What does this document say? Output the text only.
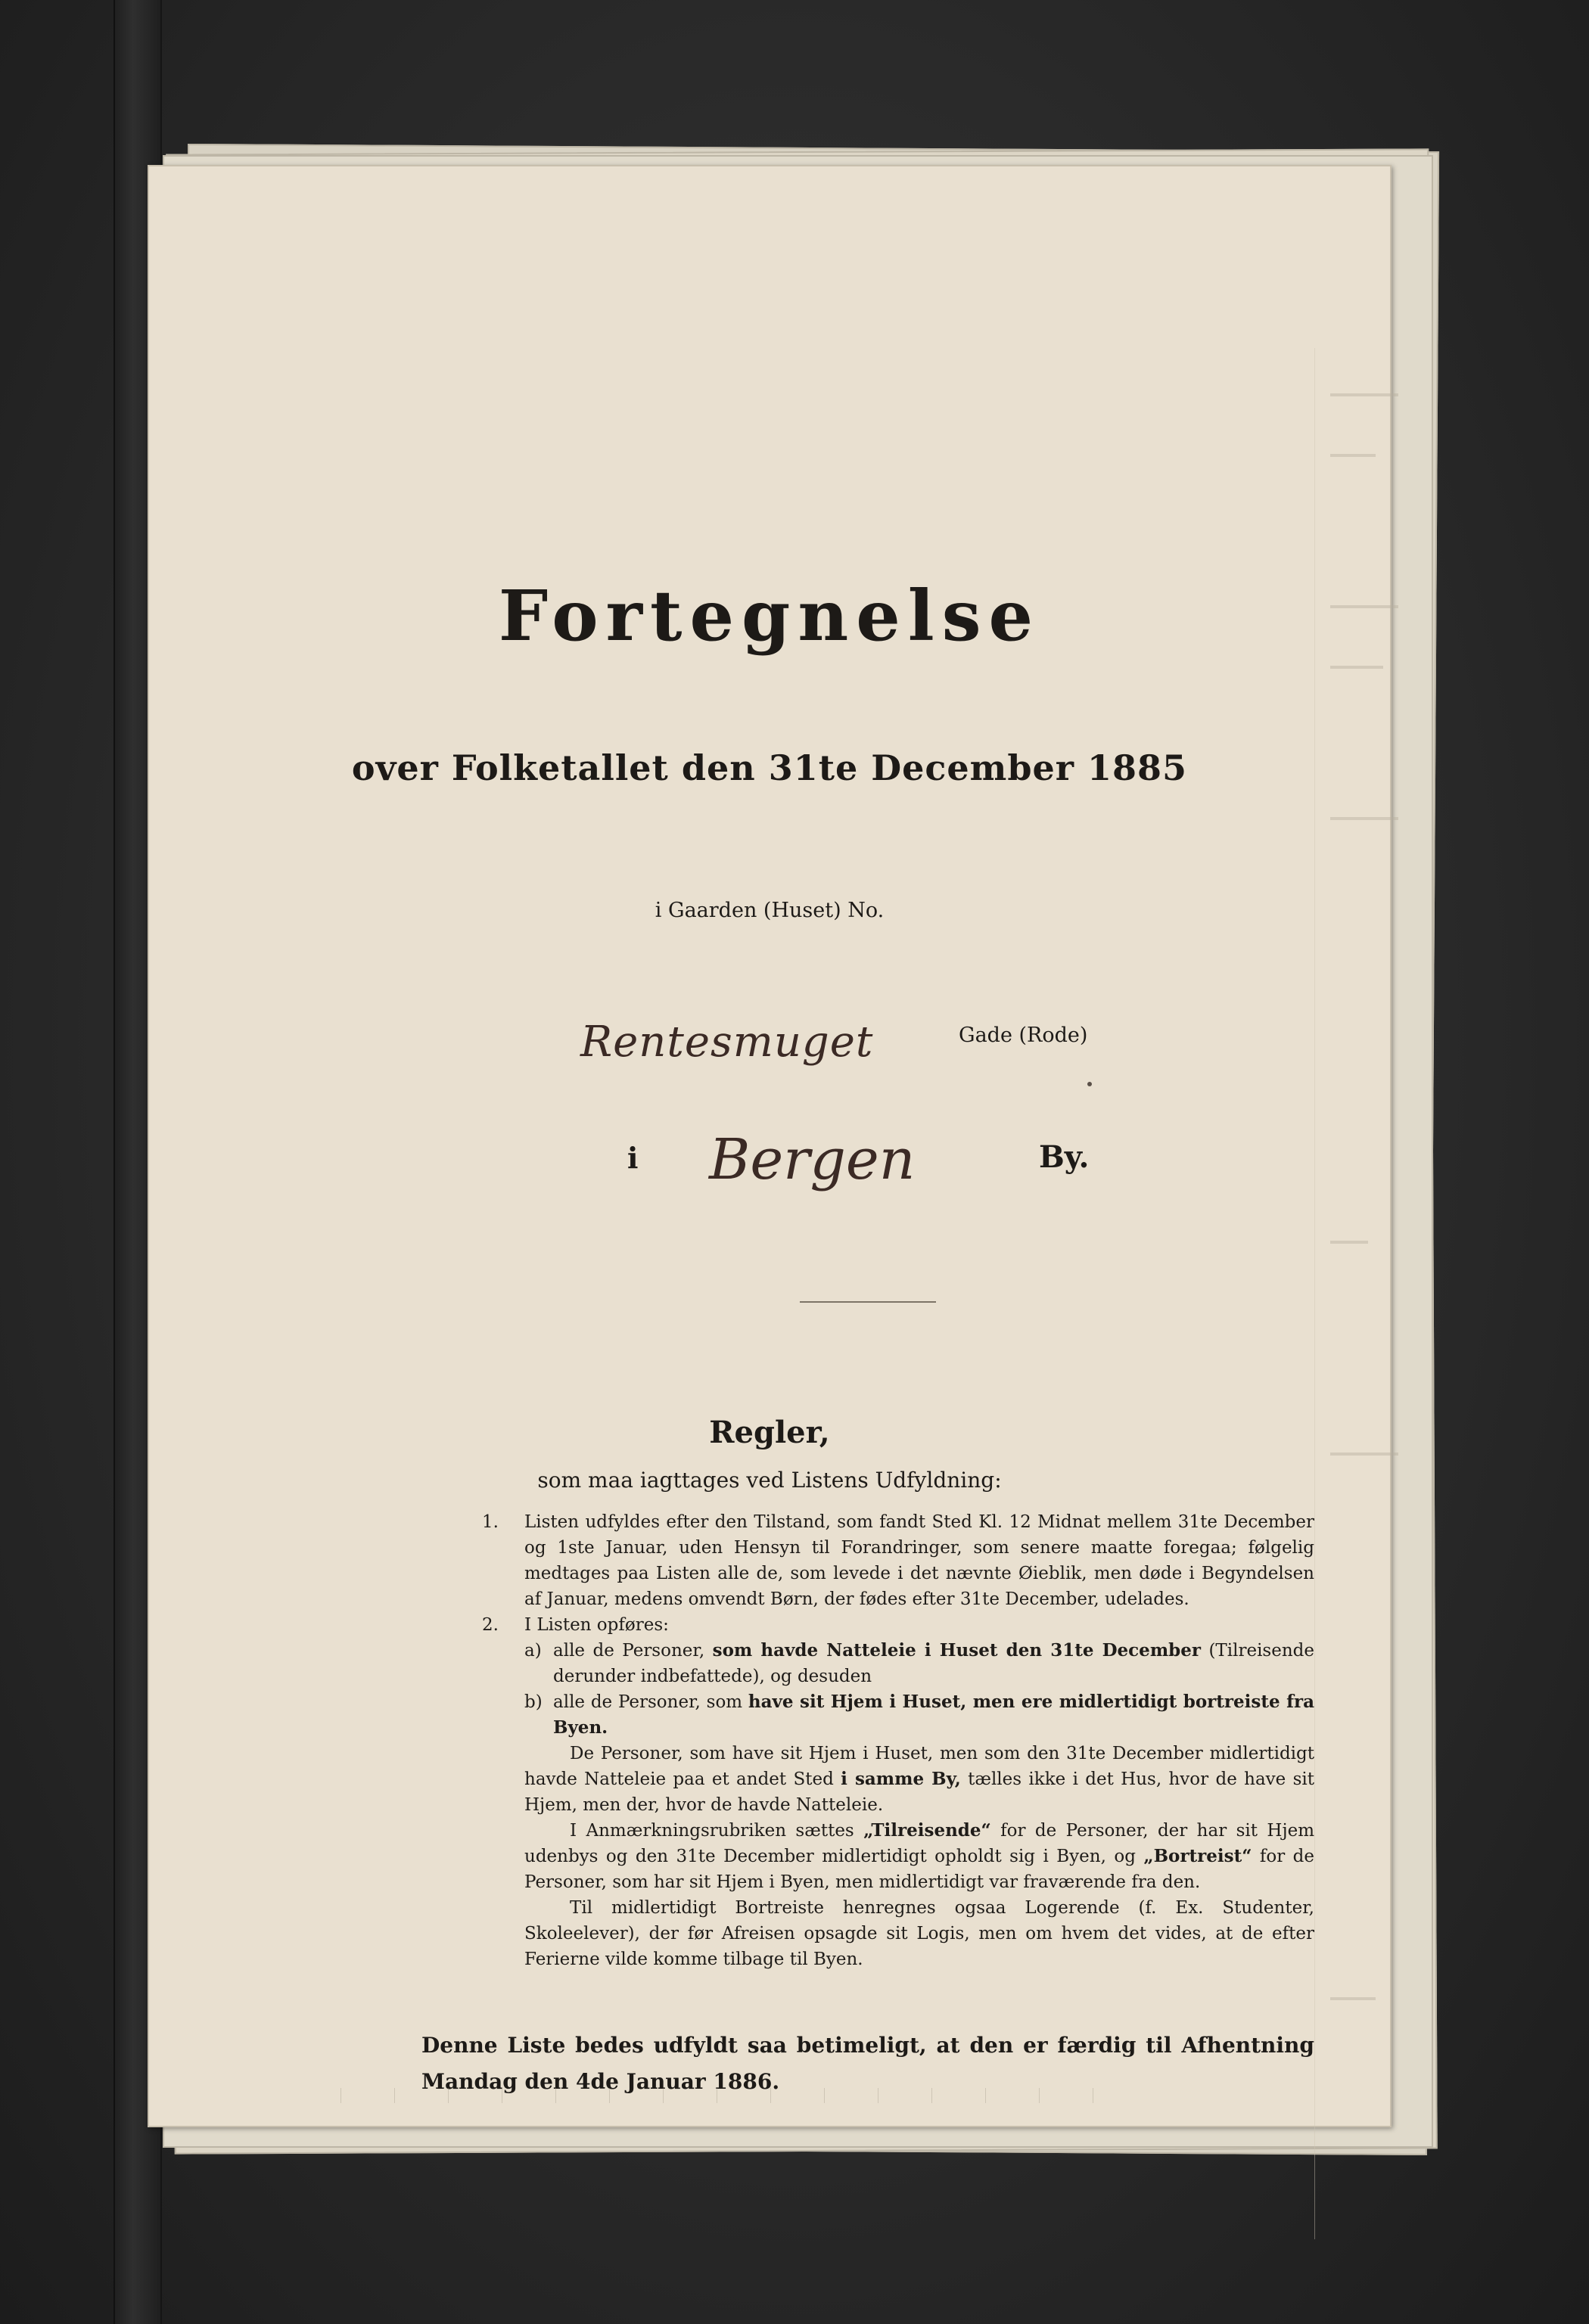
Fortegnelse
over Folketallet den 31te December 1885
i Gaarden (Huset) No.
Rentesmuget	Gade (Rode)
i Bergen	By.
Regler,
som maa iagttages ved Listens Udfyldning:
1.	Listen udfyldes efter den Tilstand, som fandt Sted Kl. 12 Midnat mellem 31te December og 1ste Januar, uden Hensyn til Forandringer, som senere maatte foregaa; følgelig medtages paa Listen alle de, som levede i det nævnte Øieblik, men døde i Begyndelsen af Januar, medens omvendt Børn, der fødes efter 31te December, udelades.
2.	I Listen opføres:
a) alle de Personer, som havde Natteleie i Huset den 31te December (Tilreisende derunder indbefattede), og desuden
b) alle de Personer, som have sit Hjem i Huset, men ere midlertidigt bortreiste fra Byen.
De Personer, som have sit Hjem i Huset, men som den 31te December midlertidigt havde Natteleie paa et andet Sted i samme By, tælles ikke i det Hus, hvor de have sit Hjem, men der, hvor de havde Natteleie.
I Anmærkningsrubriken sættes „Tilreisende“ for de Personer, der har sit Hjem udenbys og den 31te December midlertidigt opholdt sig i Byen, og „Bortreist“ for de Personer, som har sit Hjem i Byen, men midlertidigt var fraværende fra den.
Til midlertidigt Bortreiste henregnes ogsaa Logerende (f. Ex. Studenter, Skoleelever), der før Afreisen opsagde sit Logis, men om hvem det vides, at de efter Ferierne vilde komme tilbage til Byen.
Denne Liste bedes udfyldt saa betimeligt, at den er færdig til Afhentning Mandag den 4de Januar 1886.
